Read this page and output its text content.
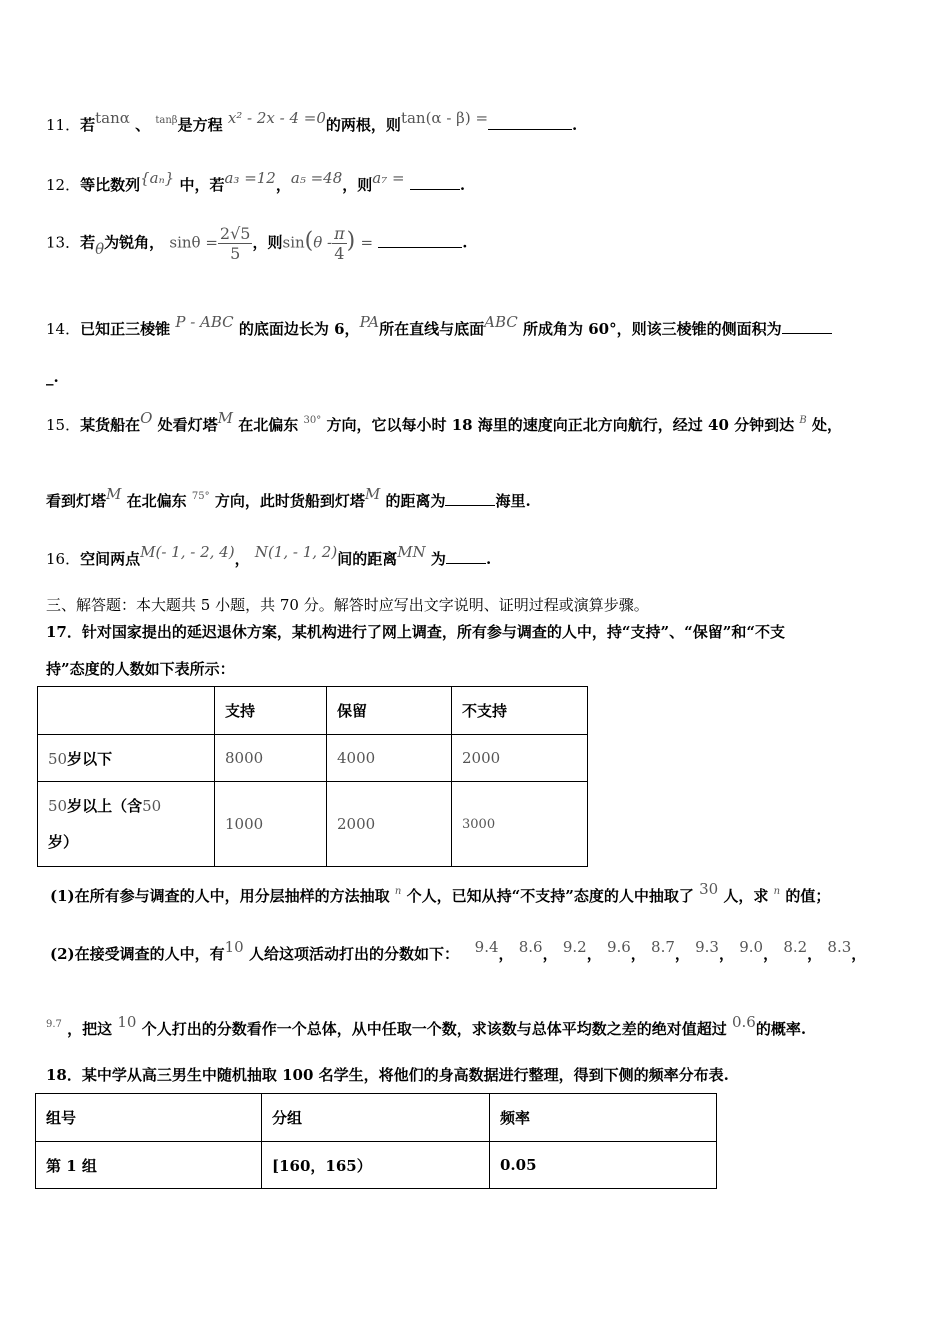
11．若tanα 、 $^{tan\beta}$是方程 x² - 2x - 4 =0的两根，则tan(α - β) =	.
12．等比数列{aₙ} 中，若a₃ =12，a₅ =48，则a₇ =	.
13．若θ为锐角， $\sin\theta = \frac{2√5}{5}$ ，则$\sin(\theta - \frac{\pi}{4}$ ) =	.
14．已知正三棱锥 P - ABC 的底面边长为 6，PA所在直线与底面ABC 所成角为 60°，则该三棱锥的侧面积为
_.
15．某货船在O 处看灯塔M 在北偏东 $^{30^\circ}$ 方向，它以每小时 18 海里的速度向正北方向航行，经过 40 分钟到达 $^B$ 处，
看到灯塔M 在北偏东 $^{75^\circ}$ 方向，此时货船到灯塔M 的距离为	海里.
16．空间两点M(- 1, - 2, 4)， N(1, - 1, 2)间的距离MN 为	.
三、解答题：本大题共 5 小题，共 70 分。解答时应写出文字说明、证明过程或演算步骤。
17．针对国家提出的延迟退休方案，某机构进行了网上调查，所有参与调查的人中，持“支持”、“保留”和“不支
持”态度的人数如下表所示：
	支持	保留	不支持
50岁以下	8000	4000	2000
50岁以上（含50
岁）	1000	2000	3000
(1)在所有参与调查的人中，用分层抽样的方法抽取 $^n$ 个人，已知从持“不支持”态度的人中抽取了 30 人，求 $^n$ 的值；
(2)在接受调查的人中，有10 人给这项活动打出的分数如下： 9.4， 8.6， 9.2， 9.6， 8.7， 9.3， 9.0， 8.2， 8.3，
$^{9.7}$ ，把这 10 个人打出的分数看作一个总体，从中任取一个数，求该数与总体平均数之差的绝对值超过 0.6的概率.
18．某中学从高三男生中随机抽取 100 名学生，将他们的身高数据进行整理，得到下侧的频率分布表.
组号	分组	频率
第 1 组	[160，165）	0.05
